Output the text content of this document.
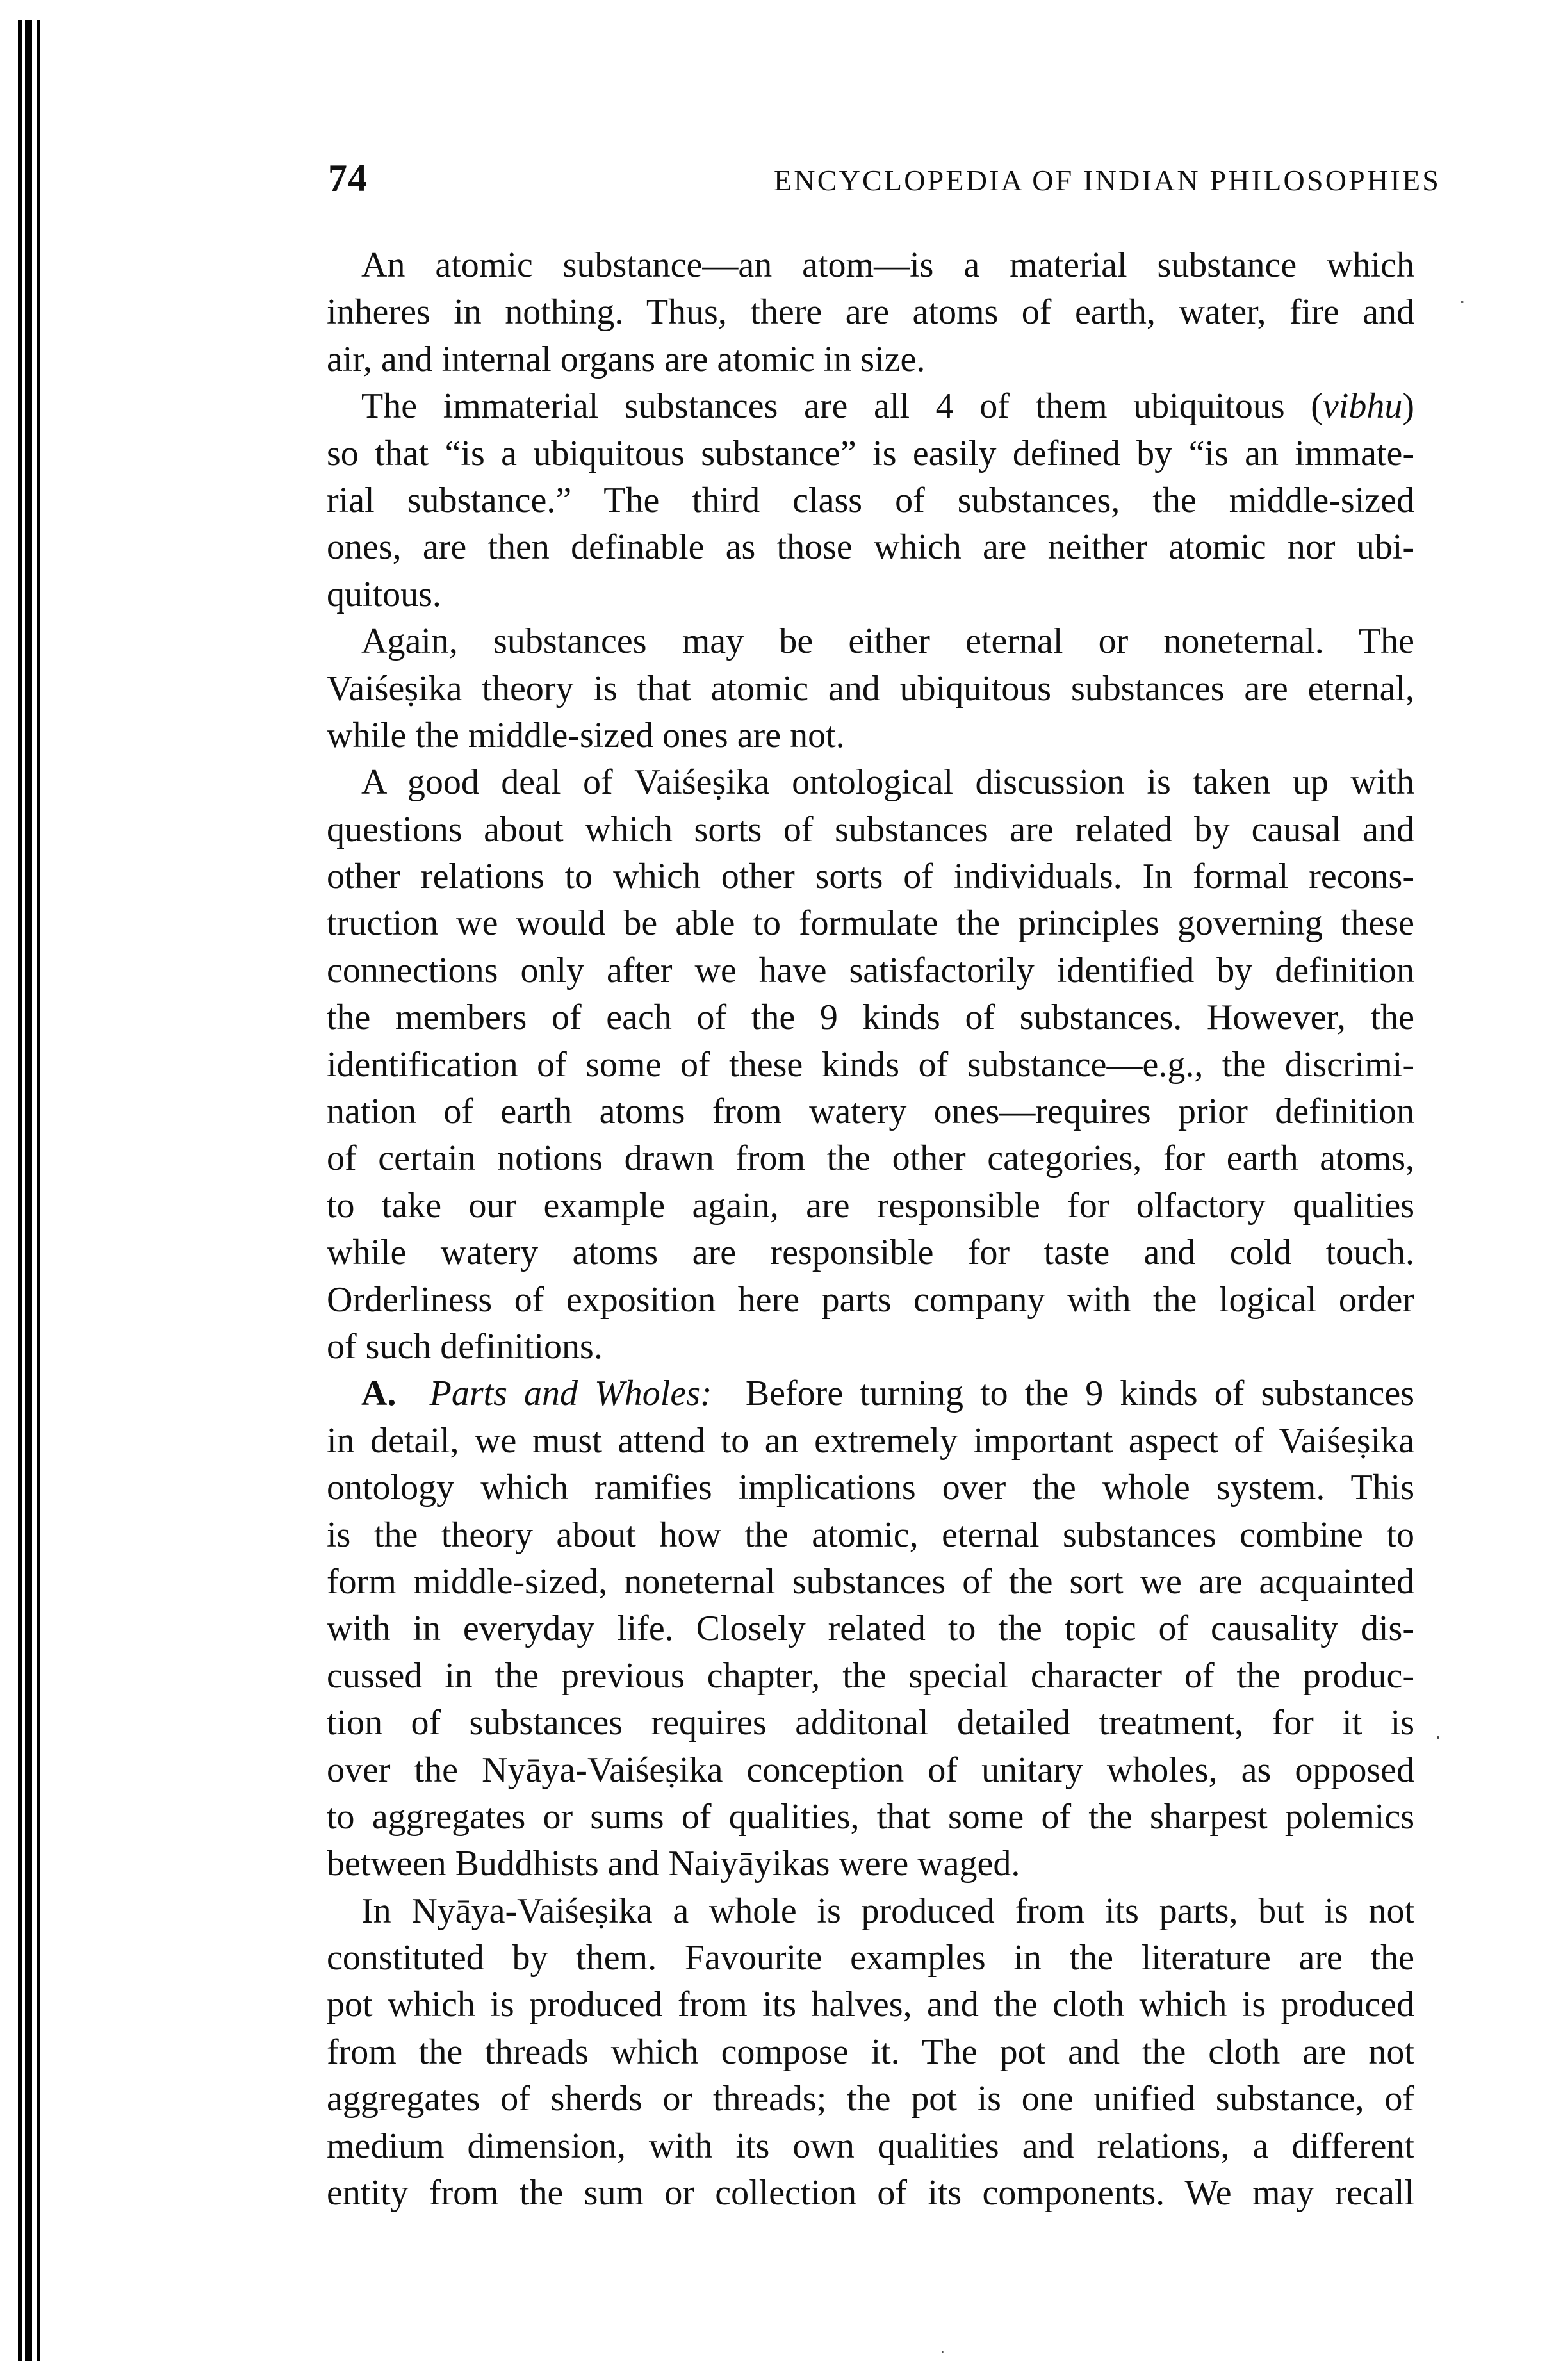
74	ENCYCLOPEDIA OF INDIAN PHILOSOPHIES
An atomic substance—an atom—is a material substance which
inheres in nothing. Thus, there are atoms of earth, water, fire and
air, and internal organs are atomic in size.
The immaterial substances are all 4 of them ubiquitous (vibhu)
so that “is a ubiquitous substance” is easily defined by “is an immate-
rial substance.” The third class of substances, the middle-sized
ones, are then definable as those which are neither atomic nor ubi-
quitous.
Again, substances may be either eternal or noneternal. The
Vaiśeṣika theory is that atomic and ubiquitous substances are eternal,
while the middle-sized ones are not.
A good deal of Vaiśeṣika ontological discussion is taken up with
questions about which sorts of substances are related by causal and
other relations to which other sorts of individuals. In formal recons-
truction we would be able to formulate the principles governing these
connections only after we have satisfactorily identified by definition
the members of each of the 9 kinds of substances. However, the
identification of some of these kinds of substance—e.g., the discrimi-
nation of earth atoms from watery ones—requires prior definition
of certain notions drawn from the other categories, for earth atoms,
to take our example again, are responsible for olfactory qualities
while watery atoms are responsible for taste and cold touch.
Orderliness of exposition here parts company with the logical order
of such definitions.
A. Parts and Wholes: Before turning to the 9 kinds of substances
in detail, we must attend to an extremely important aspect of Vaiśeṣika
ontology which ramifies implications over the whole system. This
is the theory about how the atomic, eternal substances combine to
form middle-sized, noneternal substances of the sort we are acquainted
with in everyday life. Closely related to the topic of causality dis-
cussed in the previous chapter, the special character of the produc-
tion of substances requires additonal detailed treatment, for it is
over the Nyāya-Vaiśeṣika conception of unitary wholes, as opposed
to aggregates or sums of qualities, that some of the sharpest polemics
between Buddhists and Naiyāyikas were waged.
In Nyāya-Vaiśeṣika a whole is produced from its parts, but is not
constituted by them. Favourite examples in the literature are the
pot which is produced from its halves, and the cloth which is produced
from the threads which compose it. The pot and the cloth are not
aggregates of sherds or threads; the pot is one unified substance, of
medium dimension, with its own qualities and relations, a different
entity from the sum or collection of its components. We may recall
